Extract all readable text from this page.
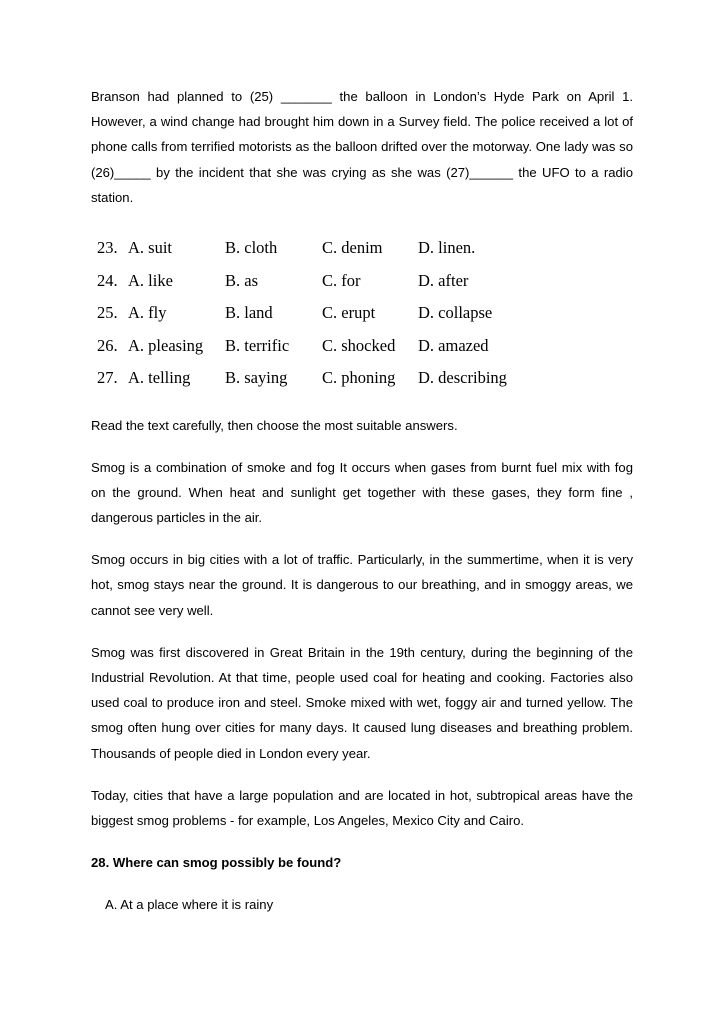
Branson had planned to (25) _______ the balloon in London’s Hyde Park on April 1. However, a wind change had brought him down in a Survey field. The police received a lot of phone calls from terrified motorists as the balloon drifted over the motorway. One lady was so (26)_____ by the incident that she was crying as she was (27)______ the UFO to a radio station.

23. A. suit	B. cloth	C. denim	D. linen.
24. A. like	B. as	C. for	D. after
25. A. fly	B. land	C. erupt	D. collapse
26. A. pleasing	B. terrific	C. shocked	D. amazed
27. A. telling	B. saying	C. phoning	D. describing

Read the text carefully, then choose the most suitable answers.

Smog is a combination of smoke and fog It occurs when gases from burnt fuel mix with fog on the ground. When heat and sunlight get together with these gases, they form fine , dangerous particles in the air.

Smog occurs in big cities with a lot of traffic. Particularly, in the summertime, when it is very hot, smog stays near the ground. It is dangerous to our breathing, and in smoggy areas, we cannot see very well.

Smog was first discovered in Great Britain in the 19th century, during the beginning of the Industrial Revolution. At that time, people used coal for heating and cooking. Factories also used coal to produce iron and steel. Smoke mixed with wet, foggy air and turned yellow. The smog often hung over cities for many days. It caused lung diseases and breathing problem. Thousands of people died in London every year.

Today, cities that have a large population and are located in hot, subtropical areas have the biggest smog problems - for example, Los Angeles, Mexico City and Cairo.

28. Where can smog possibly be found?

A. At a place where it is rainy
